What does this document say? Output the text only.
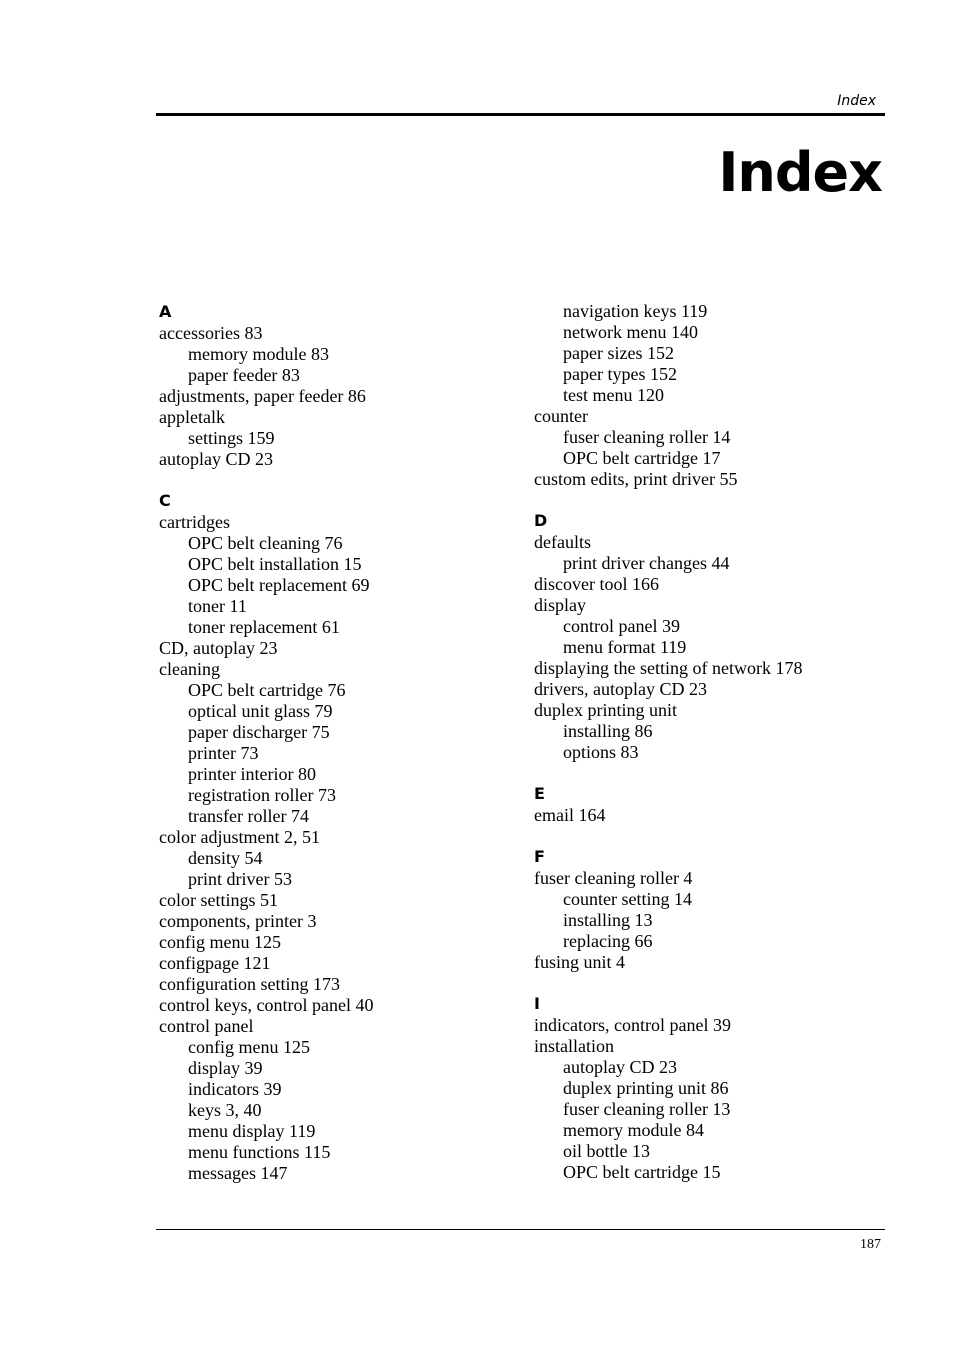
Index
Index
A
accessories 83
memory module 83
paper feeder 83
adjustments, paper feeder 86
appletalk
settings 159
autoplay CD 23
C
cartridges
OPC belt cleaning 76
OPC belt installation 15
OPC belt replacement 69
toner 11
toner replacement 61
CD, autoplay 23
cleaning
OPC belt cartridge 76
optical unit glass 79
paper discharger 75
printer 73
printer interior 80
registration roller 73
transfer roller 74
color adjustment 2, 51
density 54
print driver 53
color settings 51
components, printer 3
config menu 125
configpage 121
configuration setting 173
control keys, control panel 40
control panel
config menu 125
display 39
indicators 39
keys 3, 40
menu display 119
menu functions 115
messages 147
navigation keys 119
network menu 140
paper sizes 152
paper types 152
test menu 120
counter
fuser cleaning roller 14
OPC belt cartridge 17
custom edits, print driver 55
D
defaults
print driver changes 44
discover tool 166
display
control panel 39
menu format 119
displaying the setting of network 178
drivers, autoplay CD 23
duplex printing unit
installing 86
options 83
E
email 164
F
fuser cleaning roller 4
counter setting 14
installing 13
replacing 66
fusing unit 4
I
indicators, control panel 39
installation
autoplay CD 23
duplex printing unit 86
fuser cleaning roller 13
memory module 84
oil bottle 13
OPC belt cartridge 15
187
